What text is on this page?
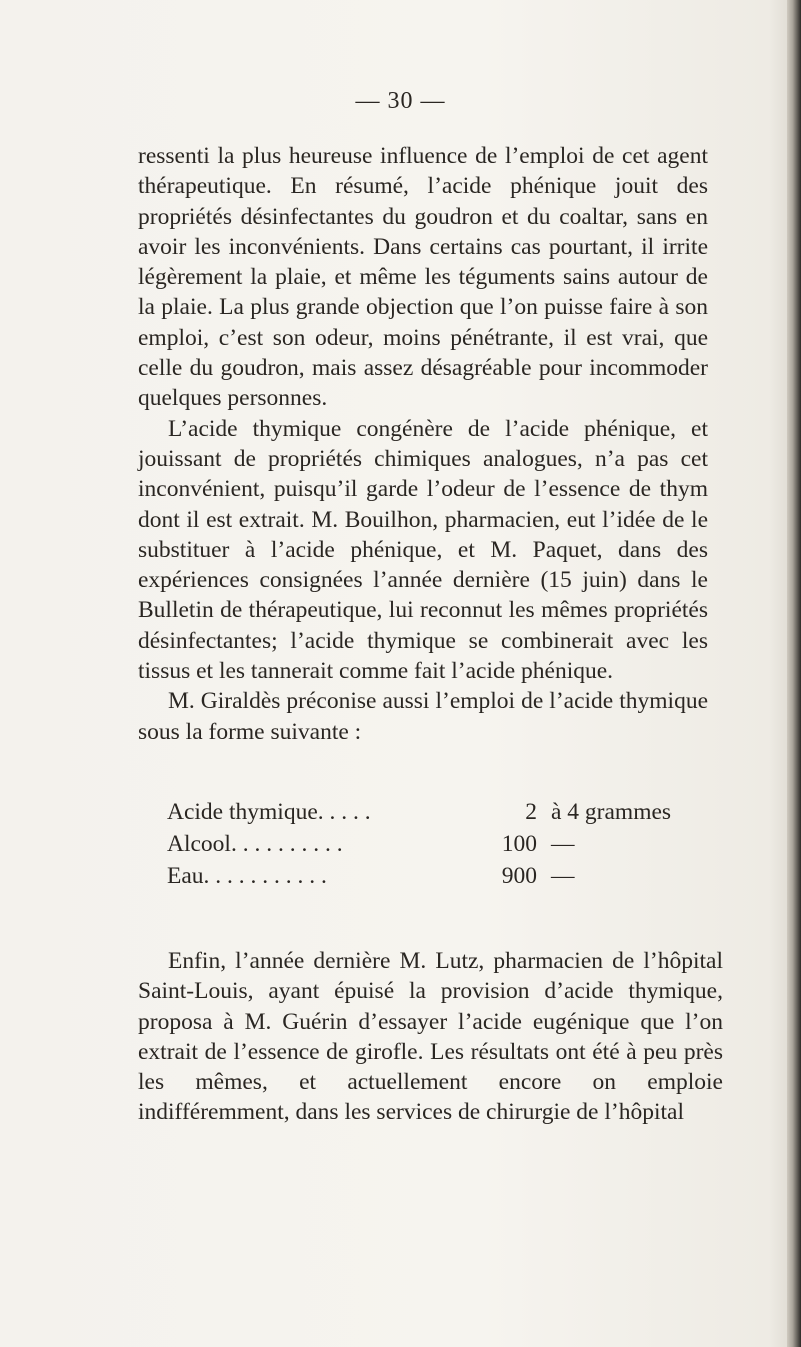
— 30 —

ressenti la plus heureuse influence de l’emploi de cet agent thérapeutique. En résumé, l’acide phénique jouit des propriétés désinfectantes du goudron et du coaltar, sans en avoir les inconvénients. Dans certains cas pourtant, il irrite légèrement la plaie, et même les téguments sains autour de la plaie. La plus grande objection que l’on puisse faire à son emploi, c’est son odeur, moins pénétrante, il est vrai, que celle du goudron, mais assez désagréable pour incommoder quelques personnes.

L’acide thymique congénère de l’acide phénique, et jouissant de propriétés chimiques analogues, n’a pas cet inconvénient, puisqu’il garde l’odeur de l’essence de thym dont il est extrait. M. Bouilhon, pharmacien, eut l’idée de le substituer à l’acide phénique, et M. Paquet, dans des expériences consignées l’année dernière (15 juin) dans le Bulletin de thérapeutique, lui reconnut les mêmes propriétés désinfectantes; l’acide thymique se combinerait avec les tissus et les tannerait comme fait l’acide phénique.

M. Giraldès préconise aussi l’emploi de l’acide thymique sous la forme suivante :

Acide thymique. . . . .	2 à 4 grammes
Alcool. . . . . . . . . .	100 —
Eau. . . . . . . . . . .	900 —

Enfin, l’année dernière M. Lutz, pharmacien de l’hôpital Saint-Louis, ayant épuisé la provision d’acide thymique, proposa à M. Guérin d’essayer l’acide eugénique que l’on extrait de l’essence de girofle. Les résultats ont été à peu près les mêmes, et actuellement encore on emploie indifféremment, dans les services de chirurgie de l’hôpital
